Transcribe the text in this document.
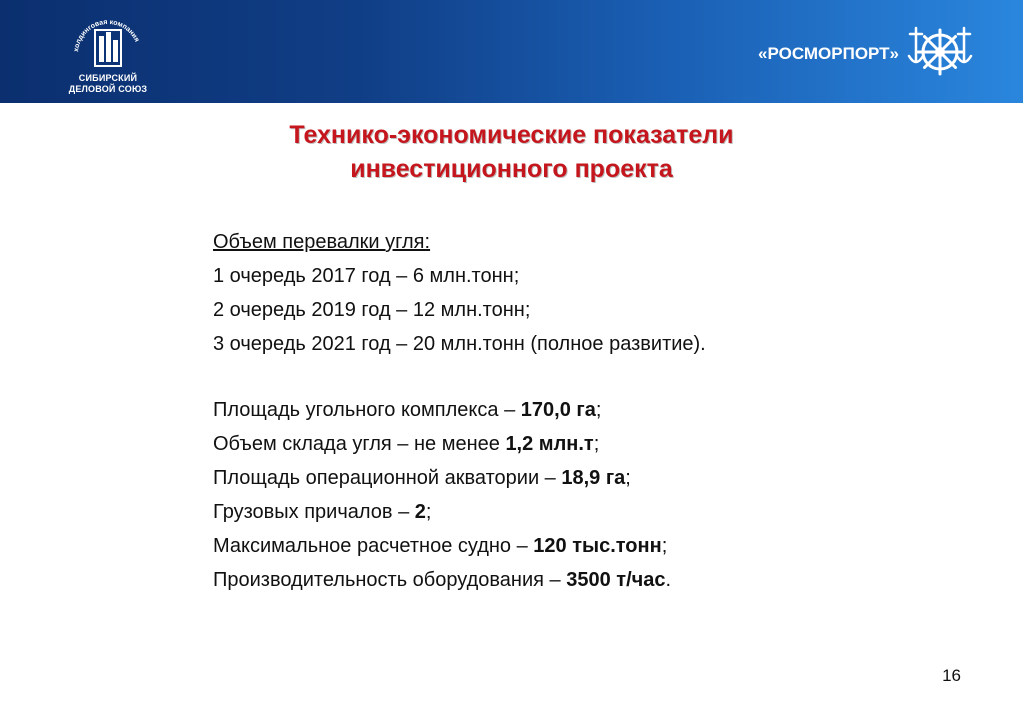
холдинговая компания
СИБИРСКИЙ
ДЕЛОВОЙ СОЮЗ
«РОСМОРПОРТ»
Технико-экономические показатели
инвестиционного проекта
Объем перевалки угля:
1 очередь 2017 год – 6 млн.тонн;
2 очередь 2019 год – 12 млн.тонн;
3 очередь 2021 год – 20 млн.тонн (полное развитие).
Площадь угольного комплекса – 170,0 га;
Объем склада угля – не менее 1,2 млн.т;
Площадь операционной акватории – 18,9 га;
Грузовых причалов – 2;
Максимальное расчетное судно – 120 тыс.тонн;
Производительность оборудования – 3500 т/час.
16
